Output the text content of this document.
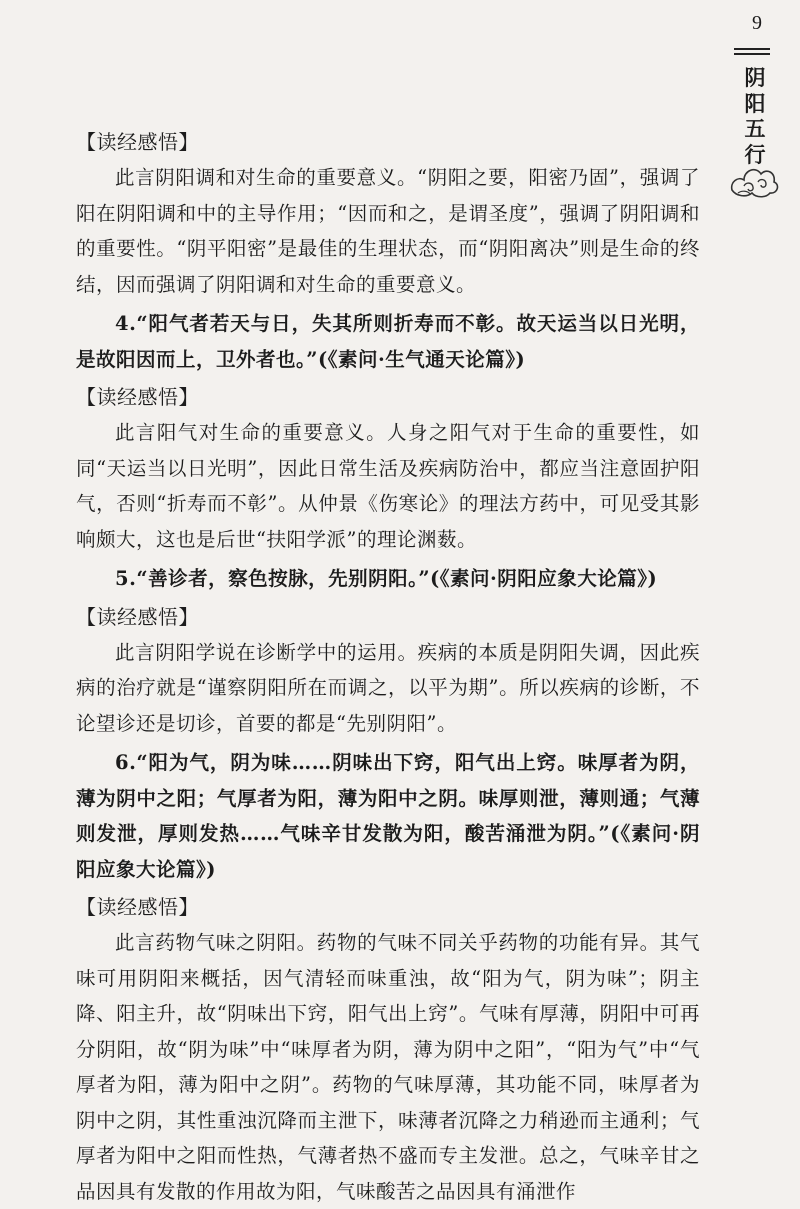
9
阴阳五行
【读经感悟】

此言阴阳调和对生命的重要意义。“阴阳之要，阳密乃固”，强调了阳在阴阳调和中的主导作用；“因而和之，是谓圣度”，强调了阴阳调和的重要性。“阴平阳密”是最佳的生理状态，而“阴阳离决”则是生命的终结，因而强调了阴阳调和对生命的重要意义。

4.“阳气者若天与日，失其所则折寿而不彰。故天运当以日光明，是故阳因而上，卫外者也。”(《素问·生气通天论篇》)

【读经感悟】

此言阳气对生命的重要意义。人身之阳气对于生命的重要性，如同“天运当以日光明”，因此日常生活及疾病防治中，都应当注意固护阳气，否则“折寿而不彰”。从仲景《伤寒论》的理法方药中，可见受其影响颇大，这也是后世“扶阳学派”的理论渊薮。

5.“善诊者，察色按脉，先别阴阳。”(《素问·阴阳应象大论篇》)

【读经感悟】

此言阴阳学说在诊断学中的运用。疾病的本质是阴阳失调，因此疾病的治疗就是“谨察阴阳所在而调之，以平为期”。所以疾病的诊断，不论望诊还是切诊，首要的都是“先别阴阳”。

6.“阳为气，阴为味……阴味出下窍，阳气出上窍。味厚者为阴，薄为阴中之阳；气厚者为阳，薄为阳中之阴。味厚则泄，薄则通；气薄则发泄，厚则发热……气味辛甘发散为阳，酸苦涌泄为阴。”(《素问·阴阳应象大论篇》)

【读经感悟】

此言药物气味之阴阳。药物的气味不同关乎药物的功能有异。其气味可用阴阳来概括，因气清轻而味重浊，故“阳为气，阴为味”；阴主降、阳主升，故“阴味出下窍，阳气出上窍”。气味有厚薄，阴阳中可再分阴阳，故“阴为味”中“味厚者为阴，薄为阴中之阳”，“阳为气”中“气厚者为阳，薄为阳中之阴”。药物的气味厚薄，其功能不同，味厚者为阴中之阴，其性重浊沉降而主泄下，味薄者沉降之力稍逊而主通利；气厚者为阳中之阳而性热，气薄者热不盛而专主发泄。总之，气味辛甘之品因具有发散的作用故为阳，气味酸苦之品因具有涌泄作
